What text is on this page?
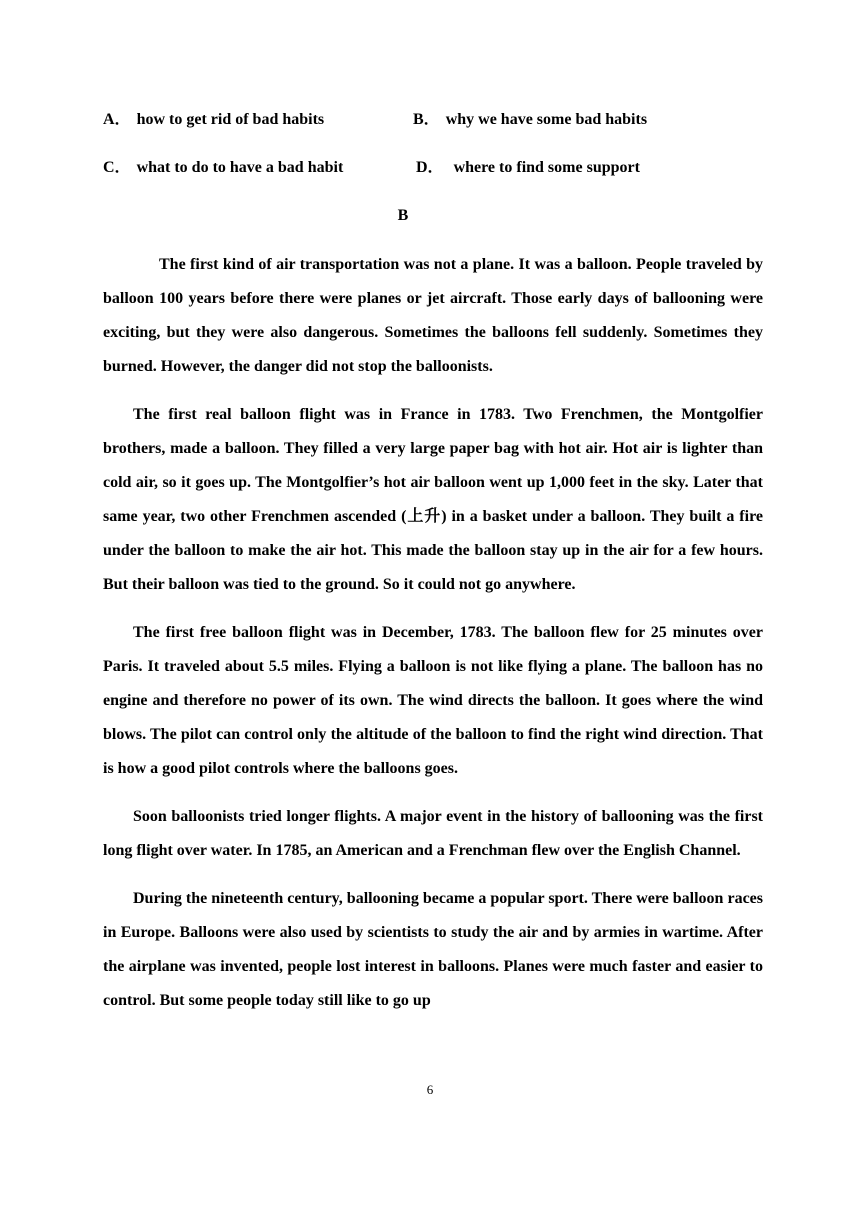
A． how to get rid of bad habits	B． why we have some bad habits
C． what to do to have a bad habit	D． where to find some support
B

The first kind of air transportation was not a plane. It was a balloon. People traveled by balloon 100 years before there were planes or jet aircraft. Those early days of ballooning were exciting, but they were also dangerous. Sometimes the balloons fell suddenly. Sometimes they burned. However, the danger did not stop the balloonists.

The first real balloon flight was in France in 1783. Two Frenchmen, the Montgolfier brothers, made a balloon. They filled a very large paper bag with hot air. Hot air is lighter than cold air, so it goes up. The Montgolfier’s hot air balloon went up 1,000 feet in the sky. Later that same year, two other Frenchmen ascended (上升) in a basket under a balloon. They built a fire under the balloon to make the air hot. This made the balloon stay up in the air for a few hours. But their balloon was tied to the ground. So it could not go anywhere.

The first free balloon flight was in December, 1783. The balloon flew for 25 minutes over Paris. It traveled about 5.5 miles. Flying a balloon is not like flying a plane. The balloon has no engine and therefore no power of its own. The wind directs the balloon. It goes where the wind blows. The pilot can control only the altitude of the balloon to find the right wind direction. That is how a good pilot controls where the balloons goes.

Soon balloonists tried longer flights. A major event in the history of ballooning was the first long flight over water. In 1785, an American and a Frenchman flew over the English Channel.

During the nineteenth century, ballooning became a popular sport. There were balloon races in Europe. Balloons were also used by scientists to study the air and by armies in wartime. After the airplane was invented, people lost interest in balloons. Planes were much faster and easier to control. But some people today still like to go up

6
